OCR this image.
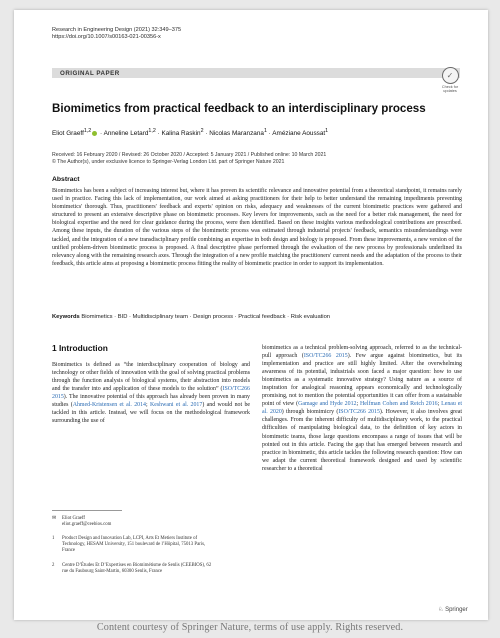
Research in Engineering Design (2021) 32:349–375
https://doi.org/10.1007/s00163-021-00356-x
ORIGINAL PAPER	✓
Check for
updates
Biomimetics from practical feedback to an interdisciplinary process
Eliot Graeff$^{1,2}$ · Anneline Letard$^{1,2}$ · Kalina Raskin$^2$ · Nicolas Maranzana$^1$ · Améziane Aoussat$^1$
Received: 16 February 2020 / Revised: 26 October 2020 / Accepted: 5 January 2021 / Published online: 10 March 2021
© The Author(s), under exclusive licence to Springer-Verlag London Ltd. part of Springer Nature 2021
Abstract
Biomimetics has been a subject of increasing interest but, where it has proven its scientific relevance and innovative potential from a theoretical standpoint, it remains rarely used in practice. Facing this lack of implementation, our work aimed at asking practitioners for their help to better understand the remaining impediments preventing biomimetics' thorough. Thus, practitioners' feedback and experts' opinion on risks, adequacy and weaknesses of the current biomimetic practices were gathered and structured to present an extensive descriptive phase on biomimetic processes. Key levers for improvements, such as the need for a better risk management, the need for biological expertise and the need for clear guidance during the process, were then identified. Based on these insights various methodological contributions are prescribed. Among these inputs, the duration of the various steps of the biomimetic process was estimated through industrial projects' feedback, semantics misunderstandings were tackled, and the integration of a new transdisciplinary profile combining an expertise in both design and biology is proposed. From these improvements, a new version of the unified problem-driven biomimetic process is proposed. A final descriptive phase performed through the evaluation of the new process by professionals underlined its relevancy along with the remaining research axes. Through the integration of a new profile matching the practitioners' current needs and the adaptation of the process to their feedback, this article aims at proposing a biomimetic process fitting the reality of biomimetic practice in order to support its implementation.
Keywords Biomimetics · BID · Multidisciplinary team · Design process · Practical feedback · Risk evaluation
1 Introduction
Biomimetics is defined as “the interdisciplinary cooperation of biology and technology or other fields of innovation with the goal of solving practical problems through the function analysis of biological systems, their abstraction into models and the transfer into and application of these models to the solution” (ISO/TC266 2015). The innovative potential of this approach has already been proven in many studies (Ahmed-Kristensen et al. 2014; Keshwani et al. 2017) and would not be tackled in this article. Instead, we will focus on the methodological framework surrounding the use of
biomimetics as a technical problem-solving approach, referred to as the technical-pull approach (ISO/TC266 2015). Few argue against biomimetics, but its implementation and practice are still highly limited. After the overwhelming awareness of its potential, industrials soon faced a major question: how to use biomimetics as a systematic innovative strategy? Using nature as a source of inspiration for analogical reasoning appears economically and technologically promising, not to mention the potential opportunities it can offer from a sustainable point of view (Gamage and Hyde 2012; Helfman Cohen and Reich 2016; Lenau et al. 2020) through biomimicry (ISO/TC266 2015). However, it also involves great challenges. From the inherent difficulty of multidisciplinary work, to the practical difficulties of manipulating biological data, to the definition of key actors in biomimetic teams, those large questions encompass a range of issues that will be pointed out in this article. Facing the gap that has emerged between research and practice in biomimetic, this article tackles the following research question: How can we adapt the current theoretical framework designed and used by scientific researcher to a theoretical
✉ Eliot Graeff
eliot.graeff@ceebios.com
1 Product Design and Innovation Lab, LCPI, Arts Et Metiers Institute of Technology, HESAM University, 151 boulevard de l’Hôpital, 75013 Paris, France
2 Centre D’Études Et D’Expertises en Biomimétisme de Senlis (CEEBIOS), 62 rue du Faubourg Saint-Martin, 60300 Senlis, France
♘ Springer
Content courtesy of Springer Nature, terms of use apply. Rights reserved.
